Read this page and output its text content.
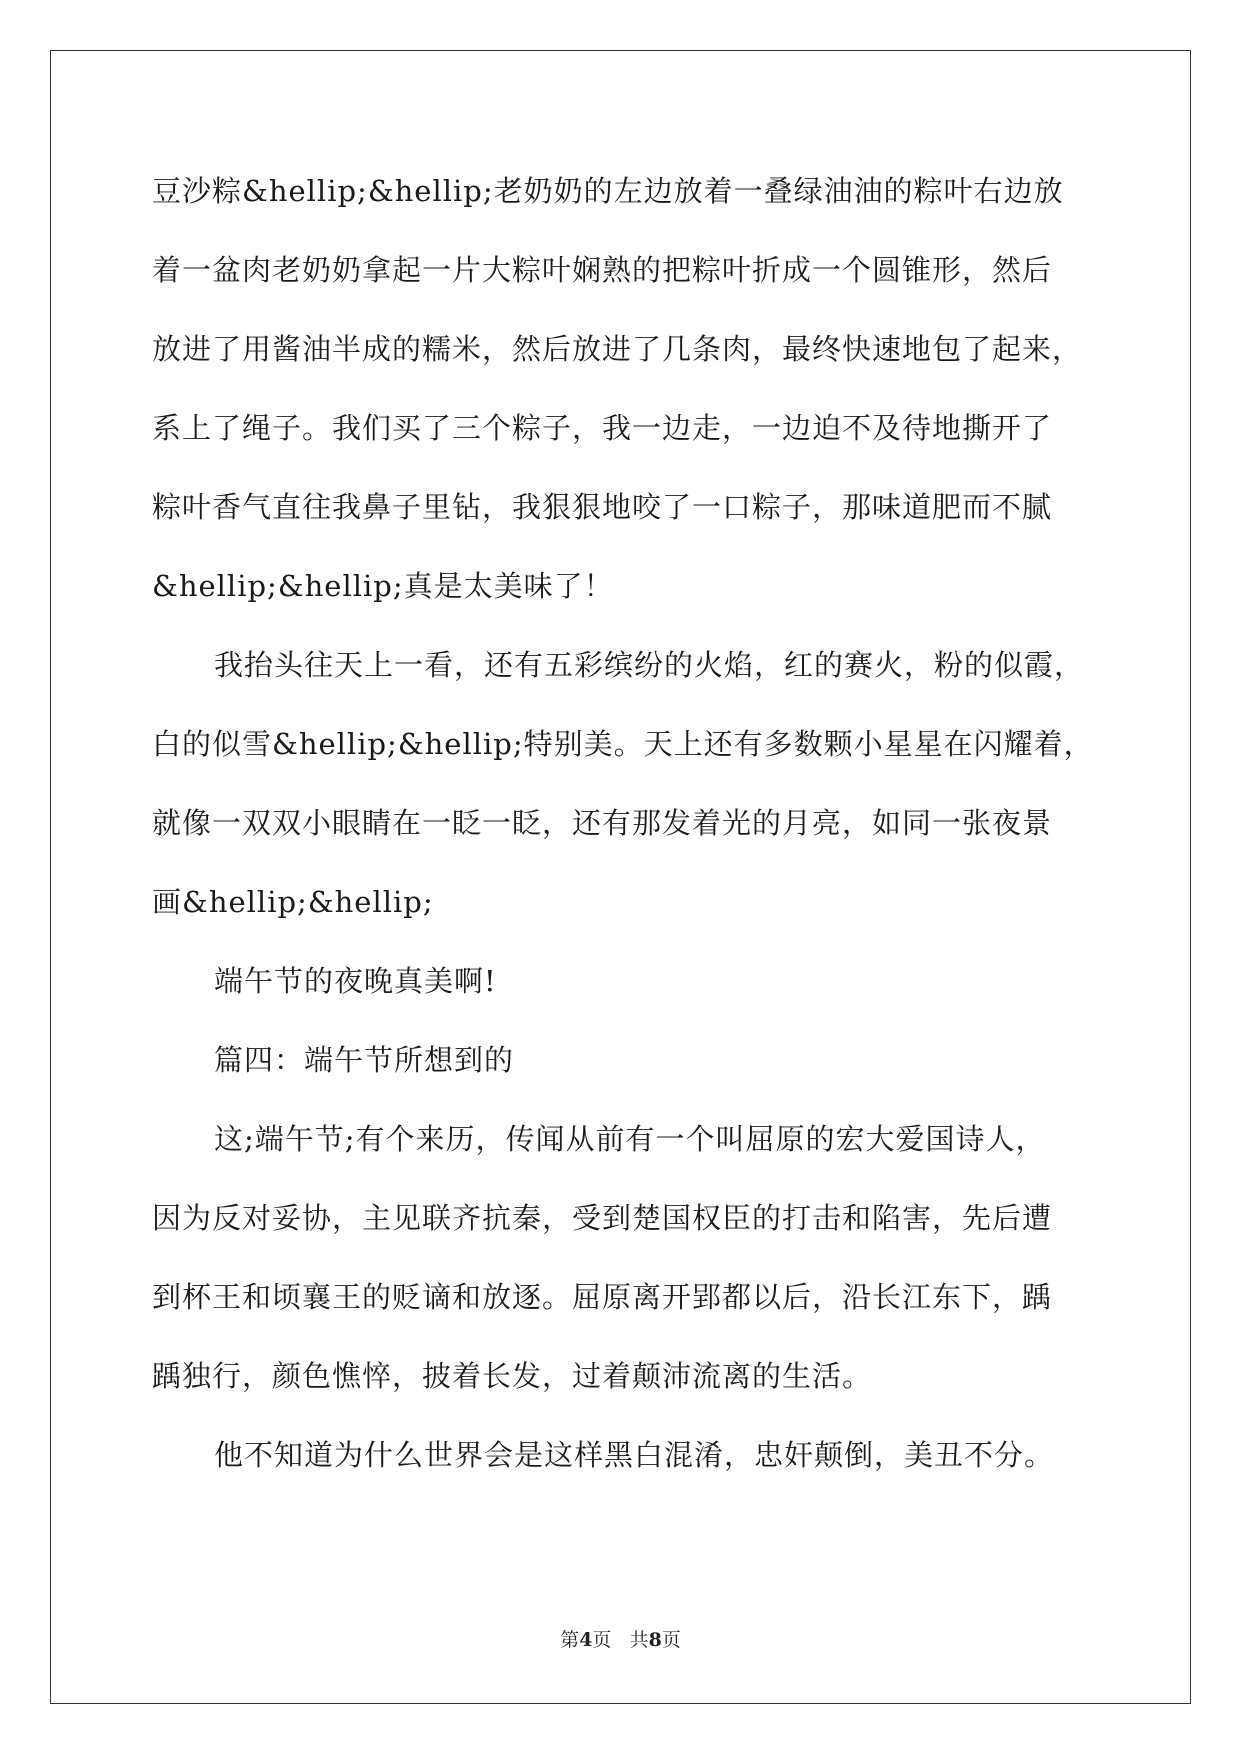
豆沙粽&hellip;&hellip;老奶奶的左边放着一叠绿油油的粽叶右边放
着一盆肉老奶奶拿起一片大粽叶娴熟的把粽叶折成一个圆锥形，然后
放进了用酱油半成的糯米，然后放进了几条肉，最终快速地包了起来，
系上了绳子。我们买了三个粽子，我一边走，一边迫不及待地撕开了
粽叶香气直往我鼻子里钻，我狠狠地咬了一口粽子，那味道肥而不腻
&hellip;&hellip;真是太美味了！
我抬头往天上一看，还有五彩缤纷的火焰，红的赛火，粉的似霞，
白的似雪&hellip;&hellip;特别美。天上还有多数颗小星星在闪耀着，
就像一双双小眼睛在一眨一眨，还有那发着光的月亮，如同一张夜景
画&hellip;&hellip;
端午节的夜晚真美啊!
篇四：端午节所想到的
这;端午节;有个来历，传闻从前有一个叫屈原的宏大爱国诗人，
因为反对妥协，主见联齐抗秦，受到楚国权臣的打击和陷害，先后遭
到杯王和顷襄王的贬谪和放逐。屈原离开郢都以后，沿长江东下，踽
踽独行，颜色憔悴，披着长发，过着颠沛流离的生活。
他不知道为什么世界会是这样黑白混淆，忠奸颠倒，美丑不分。
第4页 共8页
